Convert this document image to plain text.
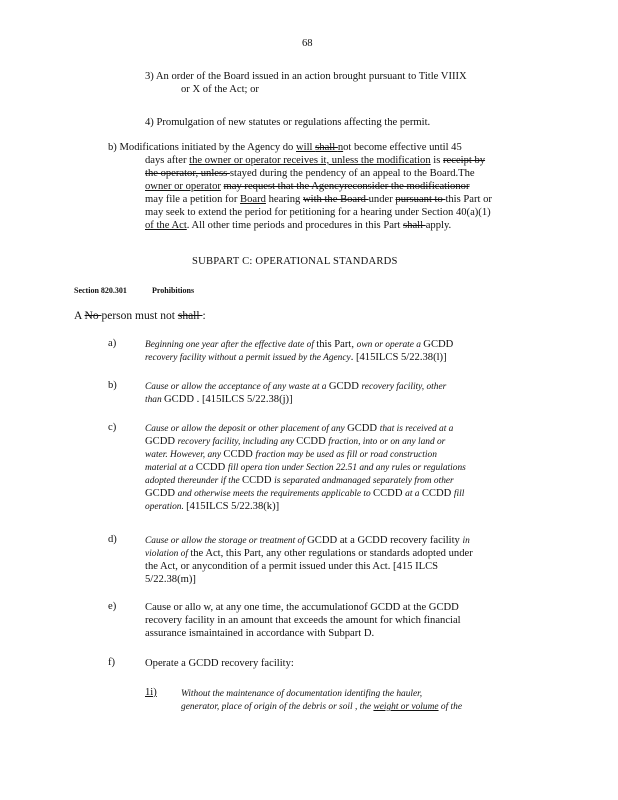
68

3) An order of the Board issued in an action brought pursuant to Title VIIIX

or X of the Act; or

4) Promulgation of new statutes or regulations affecting the permit.

b) Modifications initiated by the Agency do will shall not become effective until 45

days after the owner or operator receives it, unless the modification is receipt by

the operator, unless stayed during the pendency of an appeal to the Board.The

owner or operator may request that the Agencyreconsider the modificationor

may file a petition for Board hearing with the Board under pursuant to this Part or

may seek to extend the period for petitioning for a hearing under Section 40(a)(1)

of the Act. All other time periods and procedures in this Part shall apply.

SUBPART C: OPERATIONAL STANDARDS
Section 820.301	Prohibitions
A No person must not shall :
a)	Beginning one year after the effective date of this Part, own or operate a GCDD

recovery facility without a permit issued by the Agency. [415ILCS 5/22.38(l)]

b)	Cause or allow the acceptance of any waste at a GCDD recovery facility, other

than GCDD . [415ILCS 5/22.38(j)]

c)	Cause or allow the deposit or other placement of any GCDD that is received at a

GCDD recovery facility, including any CCDD fraction, into or on any land or

water. However, any CCDD fraction may be used as fill or road construction

material at a CCDD fill opera tion under Section 22.51 and any rules or regulations

adopted thereunder if the CCDD is separated andmanaged separately from other

GCDD and otherwise meets the requirements applicable to CCDD at a CCDD fill

operation. [415ILCS 5/22.38(k)]

d)	Cause or allow the storage or treatment of GCDD at a GCDD recovery facility in

violation of the Act, this Part, any other regulations or standards adopted under

the Act, or anycondition of a permit issued under this Act. [415 ILCS

5/22.38(m)]

e)	Cause or allo w, at any one time, the accumulationof GCDD at the GCDD

recovery facility in an amount that exceeds the amount for which financial

assurance ismaintained in accordance with Subpart D.

f)	Operate a GCDD recovery facility:

1i)	Without the maintenance of documentation identifing the hauler,

generator, place of origin of the debris or soil , the weight or volume of the
